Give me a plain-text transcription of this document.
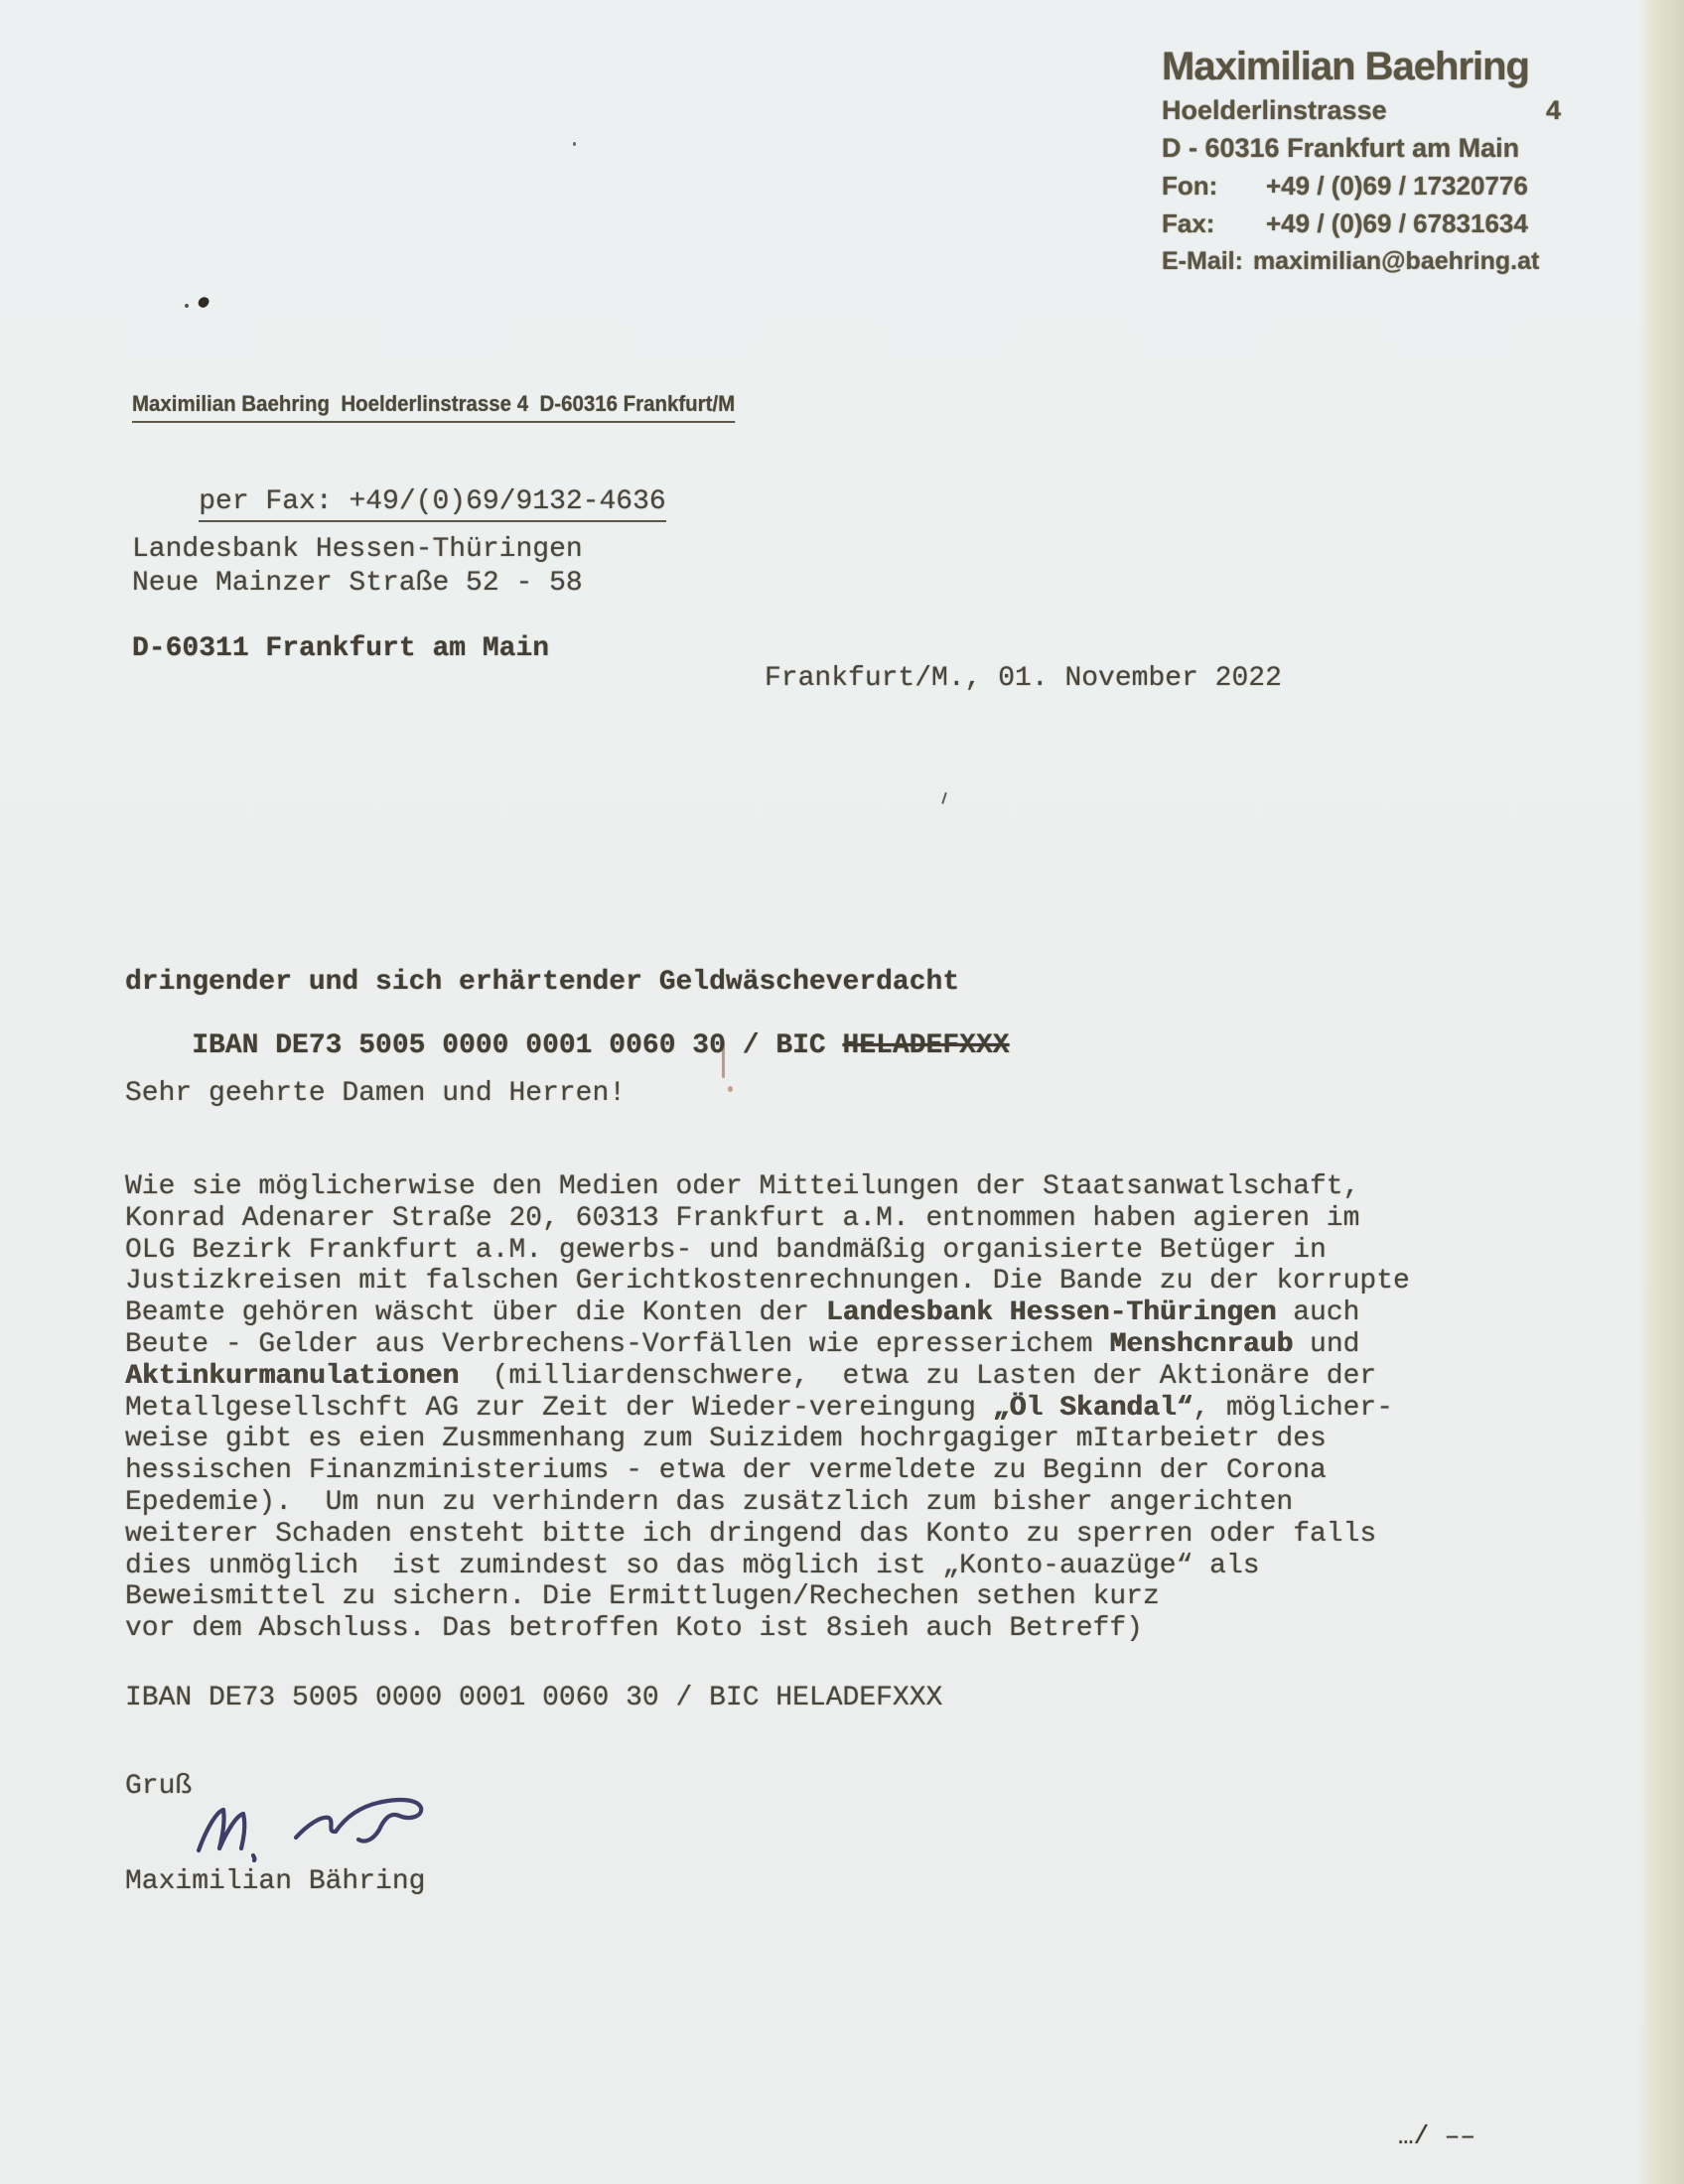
Maximilian Baehring
Hoelderlinstrasse	4
D - 60316 Frankfurt am Main
Fon:	+49 / (0)69 / 17320776
Fax:	+49 / (0)69 / 67831634
E-Mail: maximilian@baehring.at
Maximilian Baehring  Hoelderlinstrasse 4  D-60316 Frankfurt/M

per Fax: +49/(0)69/9132-4636

Landesbank Hessen-Thüringen
Neue Mainzer Straße 52 - 58
D-60311 Frankfurt am Main
Frankfurt/M., 01. November 2022
dringender und sich erhärtender Geldwäscheverdacht

IBAN DE73 5005 0000 0001 0060 30 / BIC HELADEFXXX

Sehr geehrte Damen und Herren!
Wie sie möglicherwise den Medien oder Mitteilungen der Staatsanwatlschaft,
Konrad Adenarer Straße 20, 60313 Frankfurt a.M. entnommen haben agieren im
OLG Bezirk Frankfurt a.M. gewerbs- und bandmäßig organisierte Betüger in
Justizkreisen mit falschen Gerichtkostenrechnungen. Die Bande zu der korrupte
Beamte gehören wäscht über die Konten der Landesbank Hessen-Thüringen auch
Beute - Gelder aus Verbrechens-Vorfällen wie epresserichem Menshcnraub und
Aktinkurmanulationen  (milliardenschwere,  etwa zu Lasten der Aktionäre der
Metallgesellschft AG zur Zeit der Wieder-vereingung „Öl Skandal“, möglicher-
weise gibt es eien Zusmmenhang zum Suizidem hochrgagiger mItarbeietr des
hessischen Finanzministeriums - etwa der vermeldete zu Beginn der Corona
Epedemie).  Um nun zu verhindern das zusätzlich zum bisher angerichten
weiterer Schaden ensteht bitte ich dringend das Konto zu sperren oder falls
dies unmöglich  ist zumindest so das möglich ist „Konto-auazüge“ als
Beweismittel zu sichern. Die Ermittlugen/Rechechen sethen kurz
vor dem Abschluss. Das betroffen Koto ist 8sieh auch Betreff)
IBAN DE73 5005 0000 0001 0060 30 / BIC HELADEFXXX
Gruß
Maximilian Bähring
…/ ––
